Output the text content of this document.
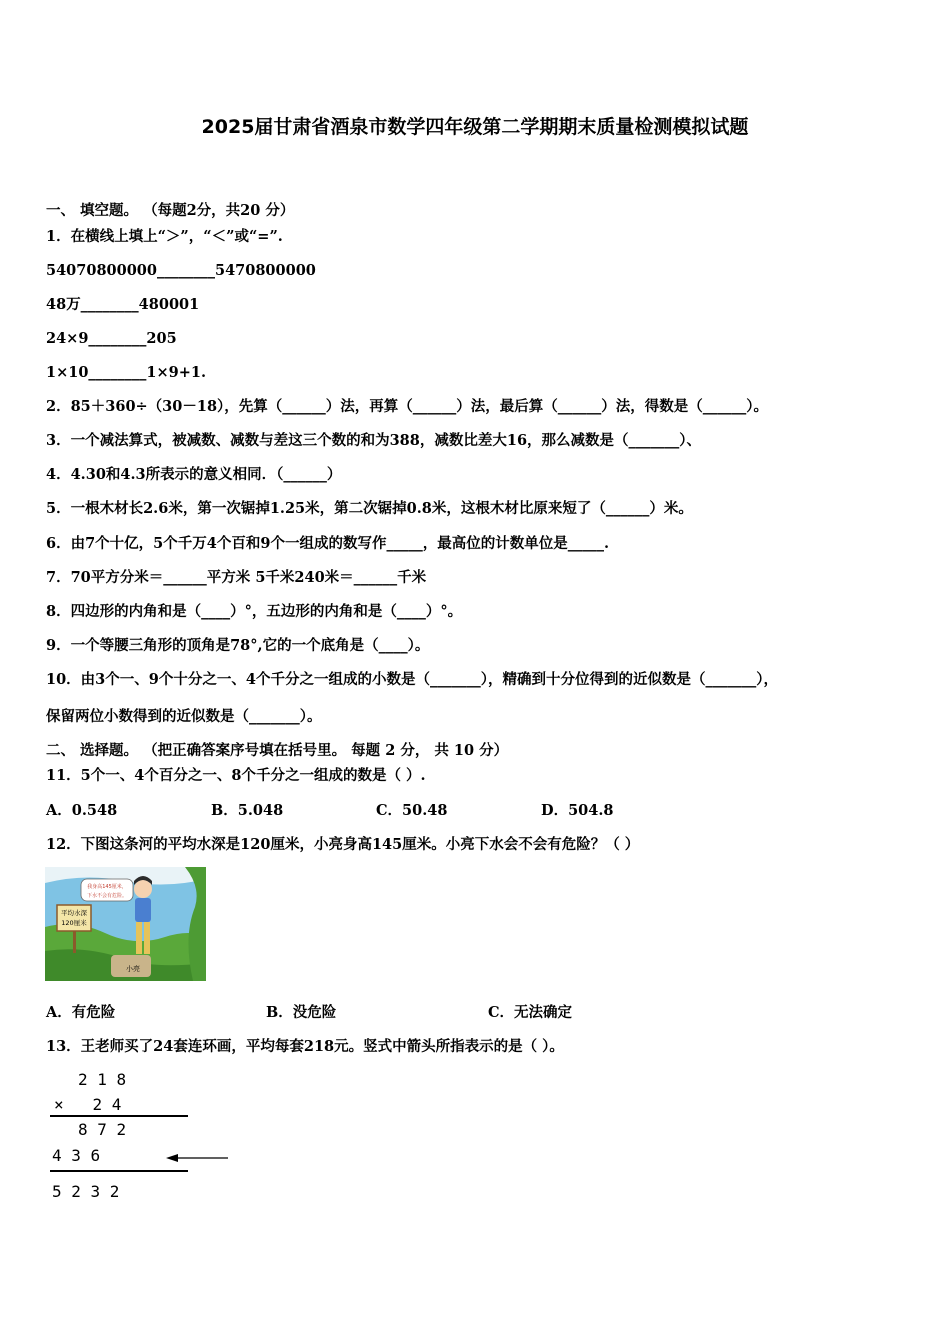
2025届甘肃省酒泉市数学四年级第二学期期末质量检测模拟试题
一、 填空题。 （每题2分，共20 分）
1．在横线上填上“＞”，“＜”或“=”.
54070800000________5470800000
48万________480001
24×9________205
1×10________1×9+1.
2．85＋360÷（30－18），先算（______）法，再算（______）法，最后算（______）法，得数是（______）。
3．一个减法算式，被减数、减数与差这三个数的和为388，减数比差大16，那么减数是（_______）、
4．4.30和4.3所表示的意义相同．（______）
5．一根木材长2.6米，第一次锯掉1.25米，第二次锯掉0.8米，这根木材比原来短了（______）米。
6．由7个十亿，5个千万4个百和9个一组成的数写作_____，最高位的计数单位是_____.
7．70平方分米＝______平方米 5千米240米＝______千米
8．四边形的内角和是（____）°，五边形的内角和是（____）°。
9．一个等腰三角形的顶角是78°,它的一个底角是（____）。
10．由3个一、9个十分之一、4个千分之一组成的小数是（_______），精确到十分位得到的近似数是（_______），
保留两位小数得到的近似数是（_______）。
二、 选择题。 （把正确答案序号填在括号里。 每题 2 分， 共 10 分）
11．5个一、4个百分之一、8个千分之一组成的数是（ ）.
A．0.548	B．5.048	C．50.48	D．504.8
12．下图这条河的平均水深是120厘米，小亮身高145厘米。小亮下水会不会有危险？（ ）
平均水深
120厘米
我身高145厘米，
下水不会有危险。
小亮
A．有危险	B．没危险	C．无法确定
13．王老师买了24套连环画，平均每套218元。竖式中箭头所指表示的是（ ）。
2 1 8
×   2 4
8 7 2
4 3 6
5 2 3 2
